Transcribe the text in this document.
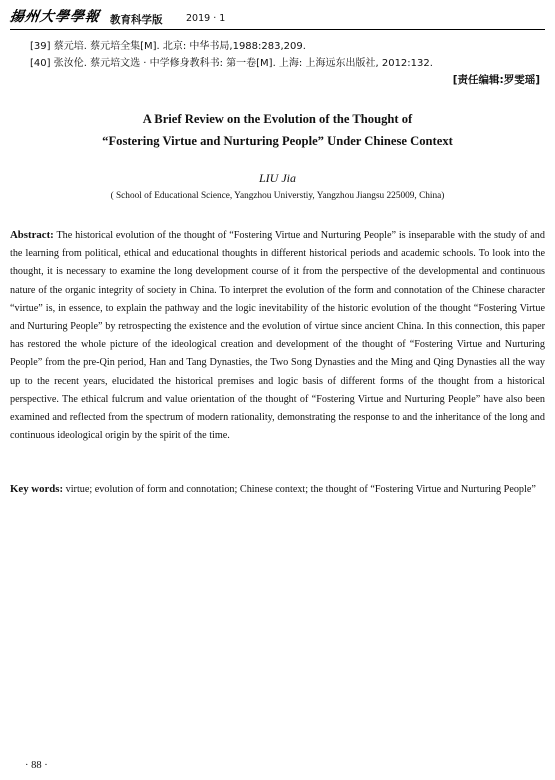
揚州大學學報 教育科学版 2019 · 1
[39] 蔡元培. 蔡元培全集[M]. 北京: 中华书局,1988:283,209.
[40] 张汝伦. 蔡元培文选 · 中学修身教科书: 第一卷[M]. 上海: 上海远东出版社, 2012:132.
[责任编辑:罗雯瑶]
A Brief Review on the Evolution of the Thought of
“Fostering Virtue and Nurturing People” Under Chinese Context
LIU Jia
( School of Educational Science, Yangzhou Universtiy, Yangzhou Jiangsu 225009, China)
Abstract: The historical evolution of the thought of “Fostering Virtue and Nurturing People” is inseparable with the study of and the learning from political, ethical and educational thoughts in different historical periods and academic schools. To look into the thought, it is necessary to examine the long development course of it from the perspective of the developmental and continuous nature of the organic integrity of society in China. To interpret the evolution of the form and connotation of the Chinese character “virtue” is, in essence, to explain the pathway and the logic inevitability of the historic evolution of the thought “Fostering Virtue and Nurturing People” by retrospecting the existence and the evolution of virtue since ancient China. In this connection, this paper has restored the whole picture of the ideological creation and development of the thought of “Fostering Virtue and Nurturing People” from the pre-Qin period, Han and Tang Dynasties, the Two Song Dynasties and the Ming and Qing Dynasties all the way up to the recent years, elucidated the historical premises and logic basis of different forms of the thought from a historical perspective. The ethical fulcrum and value orientation of the thought of “Fostering Virtue and Nurturing People” have also been examined and reflected from the spectrum of modern rationality, demonstrating the response to and the inheritance of the long and continuous ideological origin by the spirit of the time.
Key words: virtue; evolution of form and connotation; Chinese context; the thought of “Fostering Virtue and Nurturing People”
· 88 ·
